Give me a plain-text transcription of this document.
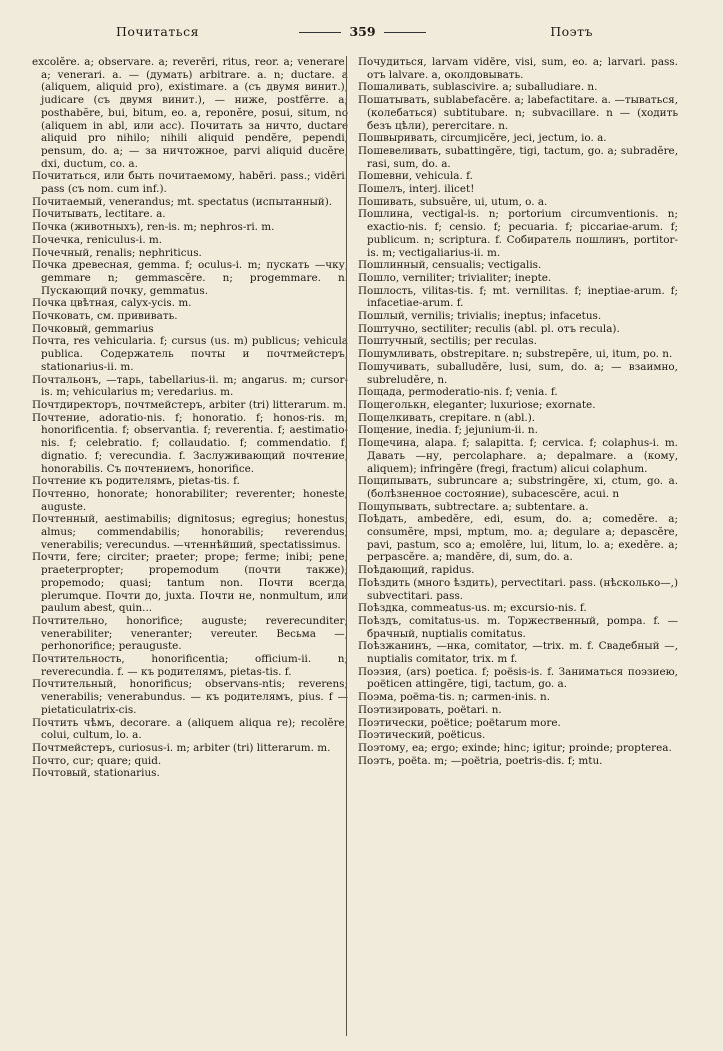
Почитаться	359	Поэтъ

excolĕre. a; observare. a; reverēri, ritus, reor. a; venerare. a; venerari. a. — (думать) arbitrare. a. n; ductare. a (aliquem, aliquid pro), existimare. a (съ двумя винит.), judicare (съ двумя винит.), — ниже, postfĕrre. a; posthabĕre, bui, bitum, eo. a, reponĕre, posui, situm, no (aliquem in abl, или acc). Почитать за ничто, ductare aliquid pro nihilo; nihili aliquid pendĕre, pependi, pensum, do. a; — за ничтожное, parvi aliquid ducĕre, dxi, ductum, co. a.

Почитаться, или быть почитаемому, habēri. pass.; vidēri. pass (съ nom. cum inf.).

Почитаемый, venerandus; mt. spectatus (испытанный).

Почитывать, lectitare. a.

Почка (животныхъ), ren-is. m; nephros-ri. m.

Почечка, reniculus-i. m.

Почечный, renalis; nephriticus.

Почка древесная, gemma. f; oculus-i. m; пускать —чку, gemmare n; gemmascĕre. n; progemmare. n. Пускающий почку, gemmatus.

Почка цвѣтная, calyx-ycis. m.

Почковать, см. прививать.

Почковый, gemmarius

Почта, res vehicularia. f; cursus (us. m) publicus; vehicula publica. Содержатель почты и почтмейстеръ, stationarius-ii. m.

Почтальонъ, —тарь, tabellarius-ii. m; angarus. m; cursor-is. m; vehicularius m; veredarius. m.

Почтдиректоръ, почтмейстеръ, arbiter (tri) litterarum. m.

Почтение, adoratio-nis. f; honoratio. f; honos-ris. m; honorificentia. f; observantia. f; reverentia. f; aestimatio-nis. f; celebratio. f; collaudatio. f; commendatio. f; dignatio. f; verecundia. f. Заслуживающий почтение, honorabilis. Съ почтениемъ, honorifice.

Почтение къ родителямъ, pietas-tis. f.

Почтенно, honorate; honorabiliter; reverenter; honeste; auguste.

Почтенный, aestimabilis; dignitosus; egregius; honestus; almus; commendabilis; honorabilis; reverendus; venerabilis; verecundus. —чтеннѣйший, spectatissimus.

Почти, fere; circiter; praeter; prope; ferme; inibi; pene; praeterpropter; propemodum (почти также); propemodo; quasi; tantum non. Почти всегда, plerumque. Почти до, juxta. Почти не, nonmultum, или paulum abest, quin...

Почтительно, honorifice; auguste; reverecunditer; venerabiliter; veneranter; vereuter. Весьма —, perhonorifice; perauguste.

Почтительность, honorificentia; officium-ii. n; reverecundia. f. — къ родителямъ, pietas-tis. f.

Почтительный, honorificus; observans-ntis; reverens; venerabilis; venerabundus. — къ родителямъ, pius. f —pietaticulatrix-cis.

Почтить чѣмъ, decorare. a (aliquem aliqua re); recolĕre, colui, cultum, lo. a.

Почтмейстеръ, curiosus-i. m; arbiter (tri) litterarum. m.

Почто, cur; quare; quid.

Почтовый, stationarius.

Почудиться, larvam vidēre, visi, sum, eo. a; larvari. pass. отъ lalvare. a, околдовывать.

Пошаливать, sublascivire. a; suballudiare. n.

Пошатывать, sublabefacĕre. a; labefactitare. a. —тываться, (колебаться) subtitubare. n; subvacillare. n — (ходить безъ цѣли), perercitare. n.

Пошвыривать, circumjicĕre, jeci, jectum, io. a.

Пошевеливать, subattingĕre, tigi, tactum, go. a; subradĕre, rasi, sum, do. a.

Пошевни, vehicula. f.

Пошелъ, interj. ilicet!

Пошивать, subsuĕre, ui, utum, o. a.

Пошлина, vectigal-is. n; portorium circumventionis. n; exactio-nis. f; censio. f; pecuaria. f; piccariae-arum. f; publicum. n; scriptura. f. Собиратель пошлинъ, portitor-is. m; vectigaliarius-ii. m.

Пошлинный, censualis; vectigalis.

Пошло, verniliter; trivialiter; inepte.

Пошлость, vilitas-tis. f; mt. vernilitas. f; ineptiae-arum. f; infacetiae-arum. f.

Пошлый, vernilis; trivialis; ineptus; infacetus.

Поштучно, sectiliter; reculis (abl. pl. отъ recula).

Поштучный, sectilis; per reculas.

Пошумливать, obstrepitare. n; substrepĕre, ui, itum, po. n.

Пошучивать, suballudĕre, lusi, sum, do. a; — взаимно, subreludĕre, n.

Пощада, permoderatio-nis. f; venia. f.

Пощеголькн, eleganter; luxuriose; exornate.

Пощелкивать, crepitare. n (abl.).

Пощение, inedia. f; jejunium-ii. n.

Пощечина, alapa. f; salapitta. f; cervica. f; colaphus-i. m. Давать —ну, percolaphare. a; depalmare. a (кому, aliquem); infringĕre (fregi, fractum) alicui colaphum.

Пощипывать, subruncare a; substringĕre, xi, ctum, go. a. (болѣзненное состояние), subacescĕre, acui. n

Пощупывать, subtrectare. a; subtentare. a.

Поѣдать, ambedĕre, edi, esum, do. a; comedĕre. a; consumĕre, mpsi, mptum, mo. a; degulare a; depascĕre, pavi, pastum, sco a; emolĕre, lui, litum, lo. a; exedĕre. a; perpascĕre. a; mandĕre, di, sum, do. a.

Поѣдающий, rapidus.

Поѣздить (много ѣздить), pervectitari. pass. (нѣсколько—,) subvectitari. pass.

Поѣздка, commeatus-us. m; excursio-nis. f.

Поѣздъ, comitatus-us. m. Торжественный, pompa. f. — брачный, nuptialis comitatus.

Поѣзжанинъ, —нка, comitator, —trix. m. f. Свадебный —, nuptialis comitator, trix. m f.

Поэзия, (ars) poetica. f; poësis-is. f. Заниматься поэзиею, poëticen attingĕre, tigi, tactum, go. a.

Поэма, poëma-tis. n; carmen-inis. n.

Поэтизировать, poëtari. n.

Поэтически, poëtice; poëtarum more.

Поэтический, poëticus.

Поэтому, ea; ergo; exinde; hinc; igitur; proinde; propterea.

Поэтъ, poëta. m; —poëtria, poetris-dis. f; mtu.
